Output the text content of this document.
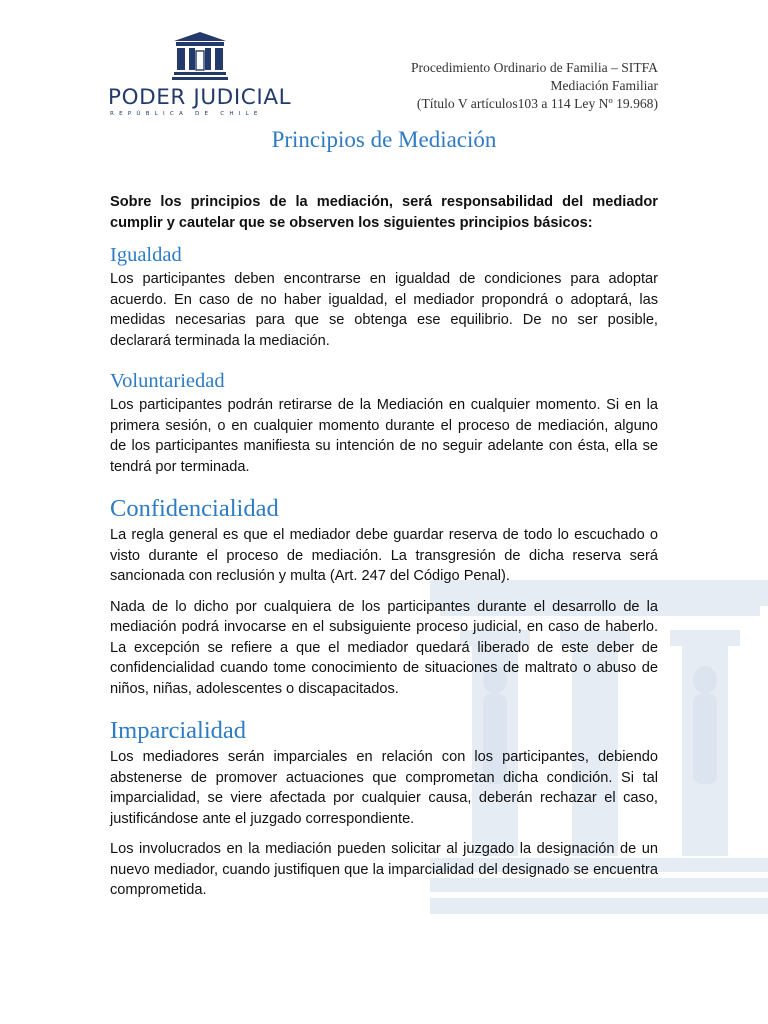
PODER JUDICIAL
REPÚBLICA DE CHILE
Procedimiento Ordinario de Familia – SITFA
Mediación Familiar
(Título V artículos103 a 114 Ley Nº 19.968)
Principios de Mediación

Sobre los principios de la mediación, será responsabilidad del mediador cumplir y cautelar que se observen los siguientes principios básicos:

Igualdad

Los participantes deben encontrarse en igualdad de condiciones para adoptar acuerdo. En caso de no haber igualdad, el mediador propondrá o adoptará, las medidas necesarias para que se obtenga ese equilibrio. De no ser posible, declarará terminada la mediación.

Voluntariedad

Los participantes podrán retirarse de la Mediación en cualquier momento. Si en la primera sesión, o en cualquier momento durante el proceso de mediación, alguno de los participantes manifiesta su intención de no seguir adelante con ésta, ella se tendrá por terminada.

Confidencialidad

La regla general es que el mediador debe guardar reserva de todo lo escuchado o visto durante el proceso de mediación. La transgresión de dicha reserva será sancionada con reclusión y multa (Art. 247 del Código Penal).

Nada de lo dicho por cualquiera de los participantes durante el desarrollo de la mediación podrá invocarse en el subsiguiente proceso judicial, en caso de haberlo. La excepción se refiere a que el mediador quedará liberado de este deber de confidencialidad cuando tome conocimiento de situaciones de maltrato o abuso de niños, niñas, adolescentes o discapacitados.

Imparcialidad

Los mediadores serán imparciales en relación con los participantes, debiendo abstenerse de promover actuaciones que comprometan dicha condición. Si tal imparcialidad, se viere afectada por cualquier causa, deberán rechazar el caso, justificándose ante el juzgado correspondiente.

Los involucrados en la mediación pueden solicitar al juzgado la designación de un nuevo mediador, cuando justifiquen que la imparcialidad del designado se encuentra comprometida.
